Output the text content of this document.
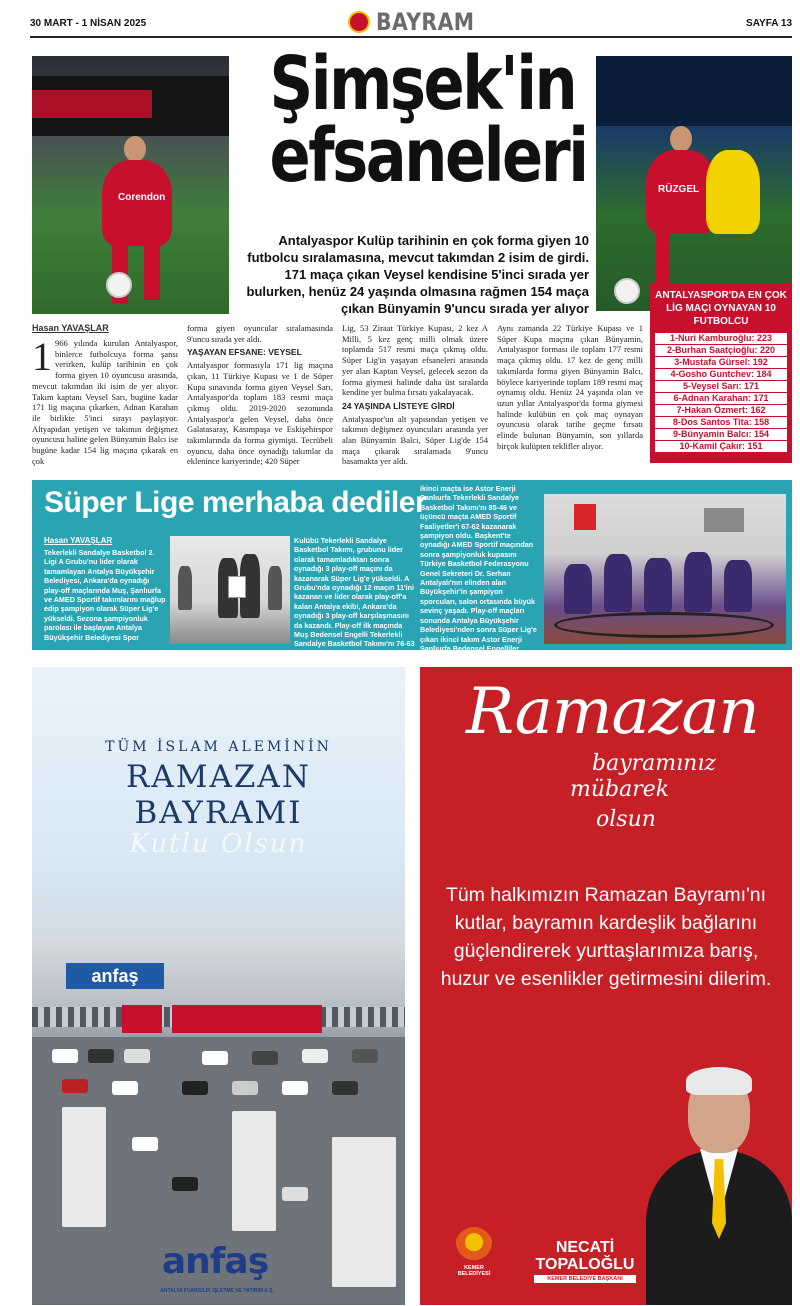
30 MART - 1 NİSAN 2025	BAYRAM	SAYFA 13
Corendon
Şimşek'in
efsaneleri
Antalyaspor Kulüp tarihinin en çok forma giyen 10 futbolcu sıralamasına, mevcut takımdan 2 isim de girdi. 171 maça çıkan Veysel kendisine 5'inci sırada yer bulurken, henüz 24 yaşında olmasına rağmen 154 maça çıkan Bünyamin 9'uncu sırada yer alıyor
RÜZGEL
Hasan YAVAŞLAR
1 966 yılında kurulan Antalyaspor, binlerce futbolcuya forma şansı verirken, kulüp tarihinin en çok forma giyen 10 oyuncusu arasında, mevcut takımdan iki isim de yer alıyor. Takım kaptanı Veysel Sarı, bugüne kadar 171 lig maçına çıkarken, Adnan Karahan ile birlikte 5'inci sırayı paylaşıyor. Altyapıdan yetişen ve takımın değişmez oyuncusu haline gelen Bünyamin Balcı ise bugüne kadar 154 lig maçına çıkarak en çok
forma giyen oyuncular sıralamasında 9'uncu sırada yer aldı.
YAŞAYAN EFSANE: VEYSEL
Antalyaspor formasıyla 171 lig maçına çıkan, 11 Türkiye Kupası ve 1 de Süper Kupa sınavında forma giyen Veysel Sarı, Antalyaspor'da toplam 183 resmi maça çıkmış oldu. 2019-2020 sezonunda Antalyaspor'a gelen Veysel, daha önce Galatasaray, Kasımpaşa ve Eskişehirspor takımlarında da forma giymişti. Tecrübeli oyuncu, daha önce oynadığı takımlar da eklenince kariyerinde; 420 Süper
Lig, 53 Ziraat Türkiye Kupası, 2 kez A Milli, 5 kez genç milli olmak üzere toplamda 517 resmi maça çıkmış oldu. Süper Lig'in yaşayan efsaneleri arasında yer alan Kaptan Veysel, gelecek sezon da forma giymesi halinde daha üst sıralarda kendine yer bulma fırsatı yakalayacak.
24 YAŞINDA LİSTEYE GİRDİ
Antalyaspor'un alt yapısından yetişen ve takımın değişmez oyuncuları arasında yer alan Bünyamin Balcı, Süper Lig'de 154 maça çıkarak sıralamada 9'uncu basamakta yer aldı.
Aynı zamanda 22 Türkiye Kupası ve 1 Süper Kupa maçına çıkan Bünyamin, Antalyaspor forması ile toplam 177 resmi maça çıkmış oldu. 17 kez de genç milli takımlarda forma giyen Bünyamin Balcı, böylece kariyerinde toplam 189 resmi maç oynamış oldu. Henüz 24 yaşında olan ve uzun yıllar Antalyaspor'da forma giymesi halinde kulübün en çok maç oynayan oyuncusu olarak tarihe geçme fırsatı elinde bulunan Bünyamin, son yıllarda birçok kulüpten teklifler alıyor.
ANTALYASPOR'DA EN ÇOK LİG MAÇI OYNAYAN 10 FUTBOLCU
1-Nuri Kamburoğlu: 223
2-Burhan Saatçioğlu: 220
3-Mustafa Gürsel: 192
4-Gosho Guntchev: 184
5-Veysel Sarı: 171
6-Adnan Karahan: 171
7-Hakan Özmert: 162
8-Dos Santos Tita: 158
9-Bünyamin Balcı: 154
10-Kamil Çakır: 151
Süper Lige merhaba dediler
Hasan YAVAŞLAR
Tekerlekli Sandalye Basketbol 2. Ligi A Grubu'nu lider olarak tamamlayan Antalya Büyükşehir Belediyesi, Ankara'da oynadığı play-off maçlarında Muş, Şanlıurfa ve AMED Sportif takımlarını mağlup edip şampiyon olarak Süper Lig'e yükseldi. Sezona şampiyonluk parolası ile başlayan Antalya Büyükşehir Belediyesi Spor
Kulübü Tekerlekli Sandalye Basketbol Takımı, grubunu lider olarak tamamladıktan sonra oynadığı 3 play-off maçını da kazanarak Süper Lig'e yükseldi. A Grubu'nda oynadığı 12 maçın 11'ini kazanan ve lider olarak play-off'a kalan Antalya ekibi, Ankara'da oynadığı 3 play-off karşılaşmasını da kazandı. Play-off ilk maçında Muş Bedensel Engelli Tekerlekli Sandalye Basketbol Takımı'nı 76-63 yenen Antalya ekibi,
ikinci maçta ise Astor Enerji Şanlıurfa Tekerlekli Sandalye Basketbol Takımı'nı 85-46 ve üçüncü maçta AMED Sportif Faaliyetler'i 67-62 kazanarak şampiyon oldu. Başkent'te oynadığı AMED Sportif maçından sonra şampiyonluk kupasını Türkiye Basketbol Federasyonu Genel Sekreteri Dr. Serhan Antalyalı'nın elinden alan Büyükşehir'in şampiyon sporcuları, salon ortasında büyük sevinç yaşadı. Play-off maçları sonunda Antalya Büyükşehir Belediyesi'nden sonra Süper Lig'e çıkan ikinci takım Astor Enerji Şanlıurfa Bedensel Engelliler Tekerlekli Sandalye Basketbol
TÜM İSLAM ALEMİNİN
RAMAZAN
BAYRAMI
Kutlu Olsun
anfaş
anfaş
ANTALYA FUARCILIK İŞLETME VE YATIRIM A.Ş.
Ramazan
bayramınız
mübarek
olsun
Tüm halkımızın Ramazan Bayramı'nı kutlar, bayramın kardeşlik bağlarını güçlendirerek yurttaşlarımıza barış, huzur ve esenlikler getirmesini dilerim.
KEMER BELEDİYESİ
NECATİ
TOPALOĞLU
KEMER BELEDİYE BAŞKANI
